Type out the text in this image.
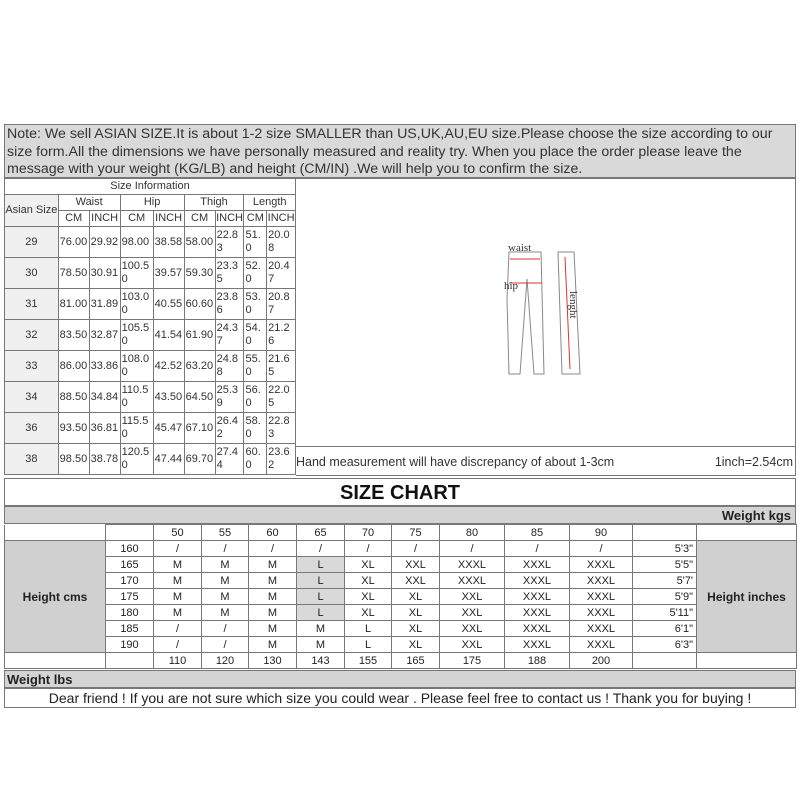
Note: We sell ASIAN SIZE.It is about 1-2 size SMALLER than US,UK,AU,EU size.Please choose the size according to our size form.All the dimensions we have personally measured and reality try. When you place the order please leave the message with your weight (KG/LB) and height (CM/IN) .We will help you to confirm the size.
Size Information								
Asian Size	Waist		Hip		Thigh		Length	
	CM	INCH	CM	INCH	CM	INCH	CM	INCH
29	76.00	29.92	98.00	38.58	58.00	22.83	51.0	20.08
30	78.50	30.91	100.50	39.57	59.30	23.35	52.0	20.47
31	81.00	31.89	103.00	40.55	60.60	23.86	53.0	20.87
32	83.50	32.87	105.50	41.54	61.90	24.37	54.0	21.26
33	86.00	33.86	108.00	42.52	63.20	24.88	55.0	21.65
34	88.50	34.84	110.50	43.50	64.50	25.39	56.0	22.05
36	93.50	36.81	115.50	45.47	67.10	26.42	58.0	22.83
38	98.50	38.78	120.50	47.44	69.70	27.44	60.0	23.62
waist
hip
lenght
Hand measurement will have discrepancy of about 1-3cm	1inch=2.54cm
SIZE CHART
Weight kgs
		50	55	60	65	70	75	80	85	90		
Height cms	160	/	/	/	/	/	/	/	/	/	5'3"	Height inches
	165	M	M	M	L	XL	XXL	XXXL	XXXL	XXXL	5'5"	
	170	M	M	M	L	XL	XXL	XXXL	XXXL	XXXL	5'7'	
	175	M	M	M	L	XL	XL	XXL	XXXL	XXXL	5'9"	
	180	M	M	M	L	XL	XL	XXL	XXXL	XXXL	5'11"	
	185	/	/	M	M	L	XL	XXL	XXXL	XXXL	6'1"	
	190	/	/	M	M	L	XL	XXL	XXXL	XXXL	6'3"	
		110	120	130	143	155	165	175	188	200		
Weight lbs
Dear friend ! If you are not sure which size you could wear . Please feel free to contact us ! Thank you for buying !
